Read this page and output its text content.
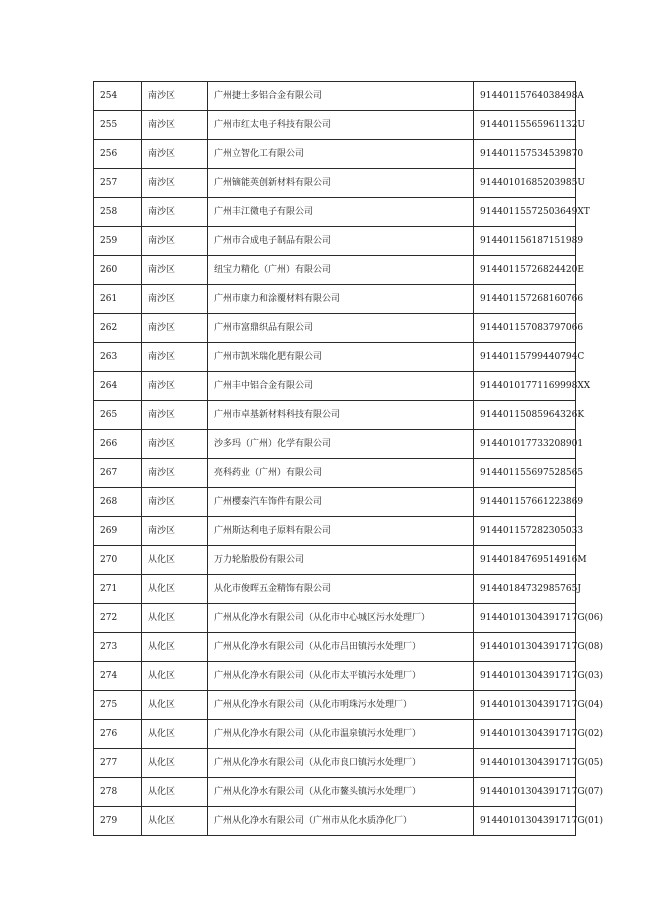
254	南沙区	广州捷士多铝合金有限公司	91440115764038498A
255	南沙区	广州市红太电子科技有限公司	91440115565961132U
256	南沙区	广州立智化工有限公司	914401157534539870
257	南沙区	广州镝能英创新材料有限公司	91440101685203985U
258	南沙区	广州丰江微电子有限公司	91440115572503649XT
259	南沙区	广州市合成电子制品有限公司	914401156187151989
260	南沙区	纽宝力精化（广州）有限公司	91440115726824420E
261	南沙区	广州市康力和涂覆材料有限公司	914401157268160766
262	南沙区	广州市富鼎织品有限公司	914401157083797066
263	南沙区	广州市凯米瑞化肥有限公司	91440115799440794C
264	南沙区	广州丰中铝合金有限公司	91440101771169998XX
265	南沙区	广州市卓基新材料科技有限公司	91440115085964326K
266	南沙区	沙多玛（广州）化学有限公司	914401017733208901
267	南沙区	亮科药业（广州）有限公司	914401155697528565
268	南沙区	广州樱泰汽车饰件有限公司	914401157661223869
269	南沙区	广州斯达利电子原料有限公司	914401157282305033
270	从化区	万力轮胎股份有限公司	91440184769514916M
271	从化区	从化市俊晖五金精饰有限公司	91440184732985765J
272	从化区	广州从化净水有限公司（从化市中心城区污水处理厂）	91440101304391717G(06)
273	从化区	广州从化净水有限公司（从化市吕田镇污水处理厂）	91440101304391717G(08)
274	从化区	广州从化净水有限公司（从化市太平镇污水处理厂）	91440101304391717G(03)
275	从化区	广州从化净水有限公司（从化市明珠污水处理厂）	91440101304391717G(04)
276	从化区	广州从化净水有限公司（从化市温泉镇污水处理厂）	91440101304391717G(02)
277	从化区	广州从化净水有限公司（从化市良口镇污水处理厂）	91440101304391717G(05)
278	从化区	广州从化净水有限公司（从化市鳌头镇污水处理厂）	91440101304391717G(07)
279	从化区	广州从化净水有限公司（广州市从化水质净化厂）	91440101304391717G(01)
